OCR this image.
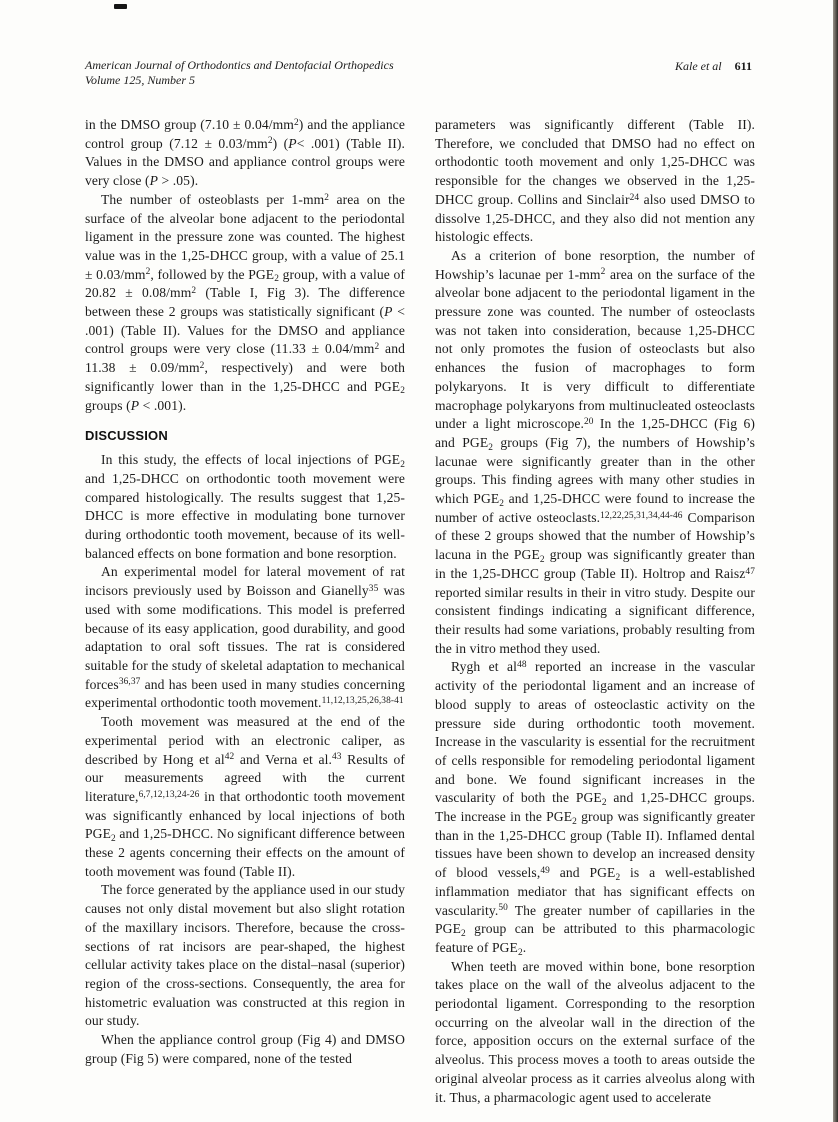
American Journal of Orthodontics and Dentofacial Orthopedics
Volume 125, Number 5
Kale et al 611

in the DMSO group $(7.10 \pm 0.04/mm^2)$ and the appliance control group $(7.12 \pm 0.03/mm^2)$ (P< .001) (Table II). Values in the DMSO and appliance control groups were very close (P > .05).

The number of osteoblasts per $1-mm^2$ area on the surface of the alveolar bone adjacent to the periodontal ligament in the pressure zone was counted. The highest value was in the 1,25-DHCC group, with a value of $25.1 \pm 0.03/mm^2$, followed by the $PGE_2$ group, with a value of $20.82 \pm 0.08/mm^2$ (Table I, Fig 3). The difference between these 2 groups was statistically significant (P < .001) (Table II). Values for the DMSO and appliance control groups were very close ($11.33 \pm 0.04/mm^2$ and $11.38 \pm 0.09/mm^2$, respectively) and were both significantly lower than in the 1,25-DHCC and $PGE_2$ groups (P < .001).

DISCUSSION

In this study, the effects of local injections of $PGE_2$ and 1,25-DHCC on orthodontic tooth movement were compared histologically. The results suggest that 1,25-DHCC is more effective in modulating bone turnover during orthodontic tooth movement, because of its well-balanced effects on bone formation and bone resorption.

An experimental model for lateral movement of rat incisors previously used by Boisson and Gianelly$^{35}$ was used with some modifications. This model is preferred because of its easy application, good durability, and good adaptation to oral soft tissues. The rat is considered suitable for the study of skeletal adaptation to mechanical forces$^{36,37}$ and has been used in many studies concerning experimental orthodontic tooth movement.$^{11,12,13,25,26,38-41}$

Tooth movement was measured at the end of the experimental period with an electronic caliper, as described by Hong et $al^{42}$ and Verna et al.$^{43}$ Results of our measurements agreed with the current literature,$^{6,7,12,13,24-26}$ in that orthodontic tooth movement was significantly enhanced by local injections of both $PGE_2$ and 1,25-DHCC. No significant difference between these 2 agents concerning their effects on the amount of tooth movement was found (Table II).

The force generated by the appliance used in our study causes not only distal movement but also slight rotation of the maxillary incisors. Therefore, because the cross-sections of rat incisors are pear-shaped, the highest cellular activity takes place on the distal–nasal (superior) region of the cross-sections. Consequently, the area for histometric evaluation was constructed at this region in our study.

When the appliance control group (Fig 4) and DMSO group (Fig 5) were compared, none of the tested

parameters was significantly different (Table II). Therefore, we concluded that DMSO had no effect on orthodontic tooth movement and only 1,25-DHCC was responsible for the changes we observed in the 1,25-DHCC group. Collins and Sinclair$^{24}$ also used DMSO to dissolve 1,25-DHCC, and they also did not mention any histologic effects.

As a criterion of bone resorption, the number of Howship’s lacunae per $1-mm^2$ area on the surface of the alveolar bone adjacent to the periodontal ligament in the pressure zone was counted. The number of osteoclasts was not taken into consideration, because 1,25-DHCC not only promotes the fusion of osteoclasts but also enhances the fusion of macrophages to form polykaryons. It is very difficult to differentiate macrophage polykaryons from multinucleated osteoclasts under a light microscope.$^{20}$ In the 1,25-DHCC (Fig 6) and $PGE_2$ groups (Fig 7), the numbers of Howship’s lacunae were significantly greater than in the other groups. This finding agrees with many other studies in which $PGE_2$ and 1,25-DHCC were found to increase the number of active osteoclasts.$^{12,22,25,31,34,44-46}$ Comparison of these 2 groups showed that the number of Howship’s lacuna in the $PGE_2$ group was significantly greater than in the 1,25-DHCC group (Table II). Holtrop and Raisz$^{47}$ reported similar results in their in vitro study. Despite our consistent findings indicating a significant difference, their results had some variations, probably resulting from the in vitro method they used.

Rygh et $al^{48}$ reported an increase in the vascular activity of the periodontal ligament and an increase of blood supply to areas of osteoclastic activity on the pressure side during orthodontic tooth movement. Increase in the vascularity is essential for the recruitment of cells responsible for remodeling periodontal ligament and bone. We found significant increases in the vascularity of both the $PGE_2$ and 1,25-DHCC groups. The increase in the $PGE_2$ group was significantly greater than in the 1,25-DHCC group (Table II). Inflamed dental tissues have been shown to develop an increased density of blood vessels,$^{49}$ and $PGE_2$ is a well-established inflammation mediator that has significant effects on vascularity.$^{50}$ The greater number of capillaries in the $PGE_2$ group can be attributed to this pharmacologic feature of $PGE_2$.

When teeth are moved within bone, bone resorption takes place on the wall of the alveolus adjacent to the periodontal ligament. Corresponding to the resorption occurring on the alveolar wall in the direction of the force, apposition occurs on the external surface of the alveolus. This process moves a tooth to areas outside the original alveolar process as it carries alveolus along with it. Thus, a pharmacologic agent used to accelerate
